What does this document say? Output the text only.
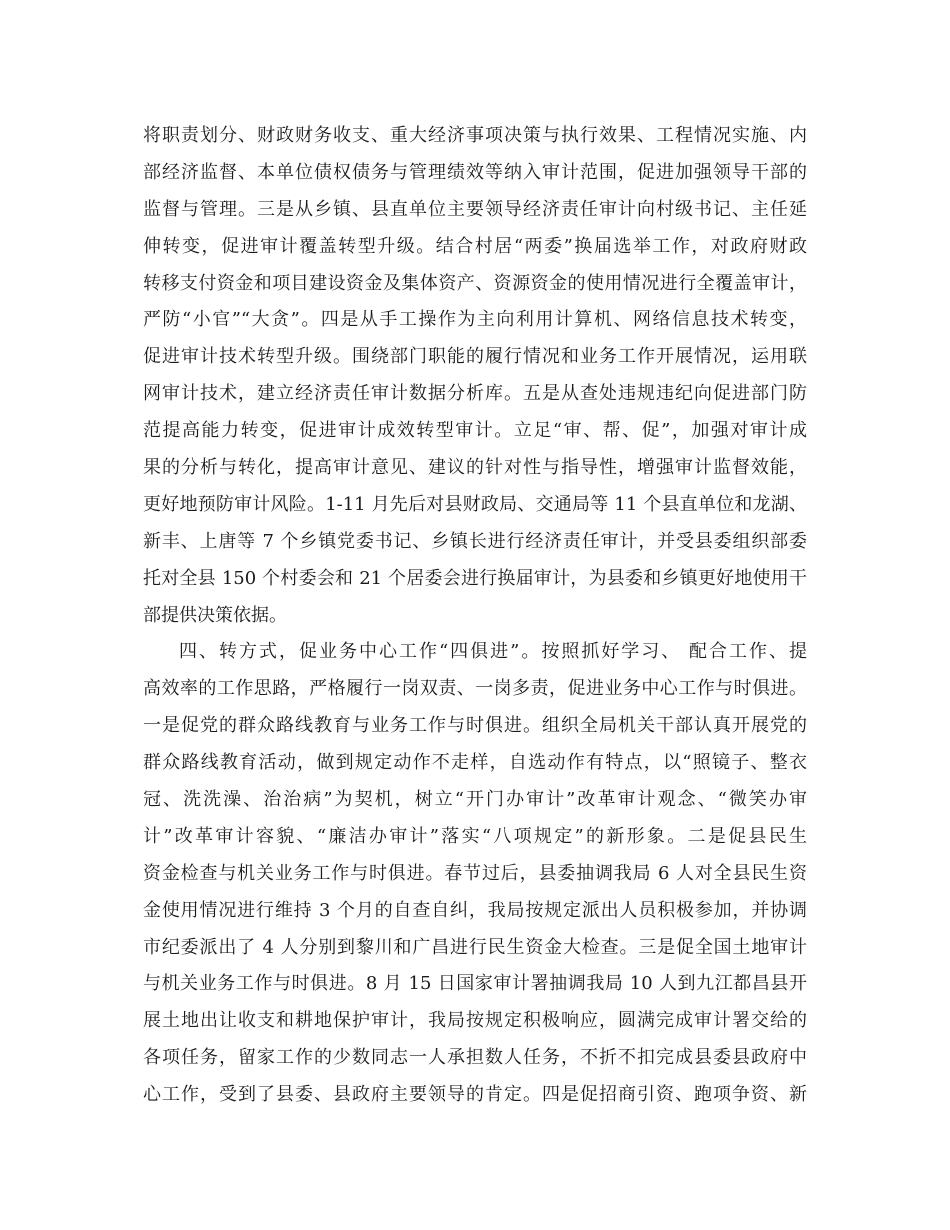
将职责划分、财政财务收支、重大经济事项决策与执行效果、工程情况实施、内
部经济监督、本单位债权债务与管理绩效等纳入审计范围，促进加强领导干部的
监督与管理。三是从乡镇、县直单位主要领导经济责任审计向村级书记、主任延
伸转变，促进审计覆盖转型升级。结合村居“两委”换届选举工作，对政府财政
转移支付资金和项目建设资金及集体资产、资源资金的使用情况进行全覆盖审计，
严防“小官”“大贪”。四是从手工操作为主向利用计算机、网络信息技术转变，
促进审计技术转型升级。围绕部门职能的履行情况和业务工作开展情况，运用联
网审计技术，建立经济责任审计数据分析库。五是从查处违规违纪向促进部门防
范提高能力转变，促进审计成效转型审计。立足“审、帮、促”，加强对审计成
果的分析与转化，提高审计意见、建议的针对性与指导性，增强审计监督效能，
更好地预防审计风险。1-11 月先后对县财政局、交通局等 11 个县直单位和龙湖、
新丰、上唐等 7 个乡镇党委书记、乡镇长进行经济责任审计，并受县委组织部委
托对全县 150 个村委会和 21 个居委会进行换届审计，为县委和乡镇更好地使用干
部提供决策依据。
四、转方式，促业务中心工作“四俱进”。按照抓好学习、 配合工作、提
高效率的工作思路，严格履行一岗双责、一岗多责，促进业务中心工作与时俱进。
一是促党的群众路线教育与业务工作与时俱进。组织全局机关干部认真开展党的
群众路线教育活动，做到规定动作不走样，自选动作有特点，以“照镜子、整衣
冠、洗洗澡、治治病”为契机，树立“开门办审计”改革审计观念、“微笑办审
计”改革审计容貌、“廉洁办审计”落实“八项规定”的新形象。二是促县民生
资金检查与机关业务工作与时俱进。春节过后，县委抽调我局 6 人对全县民生资
金使用情况进行维持 3 个月的自查自纠，我局按规定派出人员积极参加，并协调
市纪委派出了 4 人分别到黎川和广昌进行民生资金大检查。三是促全国土地审计
与机关业务工作与时俱进。8 月 15 日国家审计署抽调我局 10 人到九江都昌县开
展土地出让收支和耕地保护审计，我局按规定积极响应，圆满完成审计署交给的
各项任务，留家工作的少数同志一人承担数人任务，不折不扣完成县委县政府中
心工作，受到了县委、县政府主要领导的肯定。四是促招商引资、跑项争资、新
